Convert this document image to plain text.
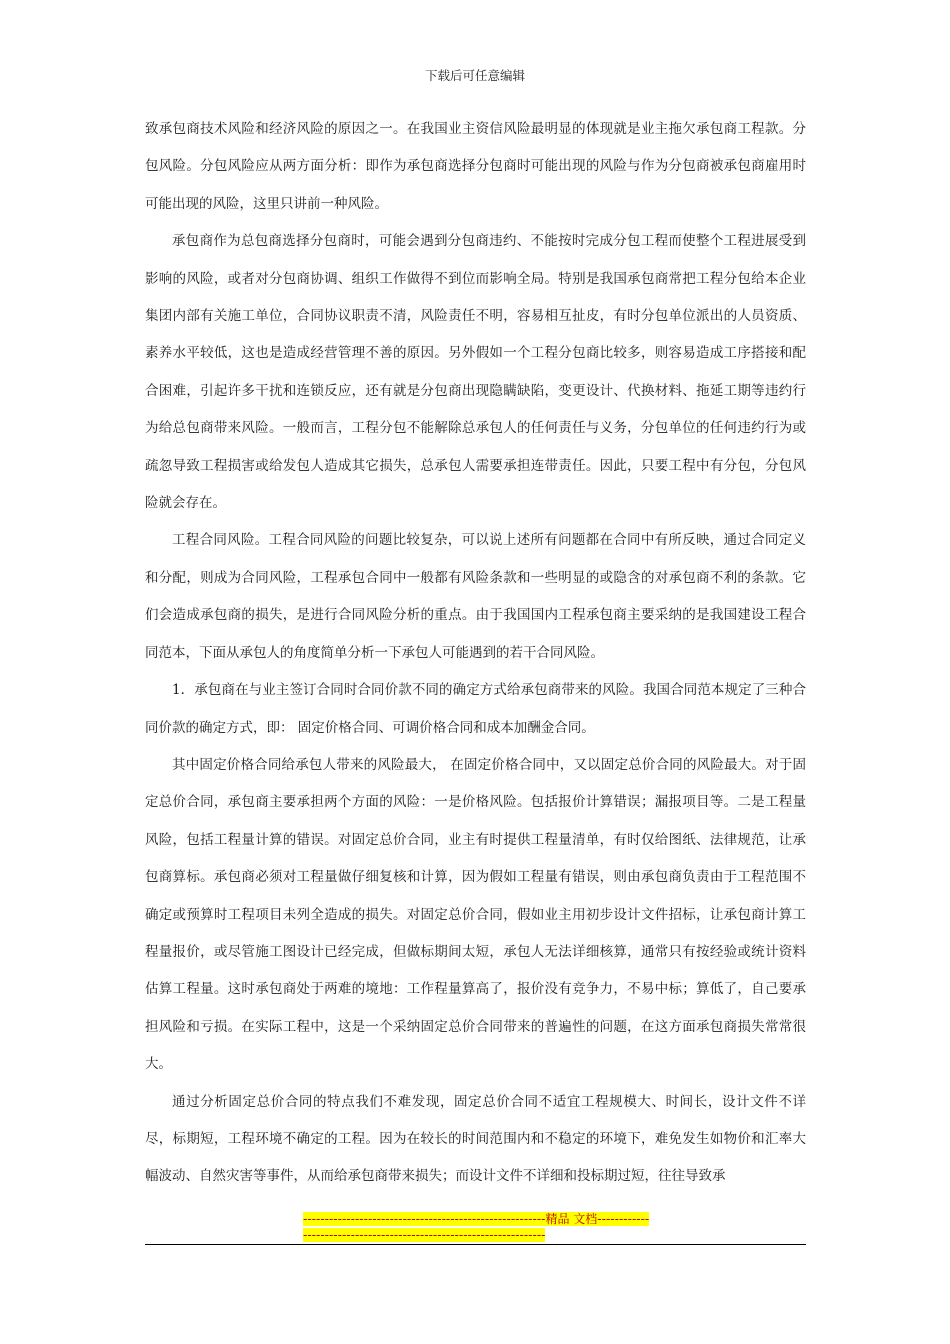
下载后可任意编辑

致承包商技术风险和经济风险的原因之一。在我国业主资信风险最明显的体现就是业主拖欠承包商工程款。分包风险。分包风险应从两方面分析：即作为承包商选择分包商时可能出现的风险与作为分包商被承包商雇用时可能出现的风险，这里只讲前一种风险。

承包商作为总包商选择分包商时，可能会遇到分包商违约、不能按时完成分包工程而使整个工程进展受到影响的风险，或者对分包商协调、组织工作做得不到位而影响全局。特别是我国承包商常把工程分包给本企业集团内部有关施工单位，合同协议职责不清，风险责任不明，容易相互扯皮，有时分包单位派出的人员资质、素养水平较低，这也是造成经营管理不善的原因。另外假如一个工程分包商比较多，则容易造成工序搭接和配合困难，引起许多干扰和连锁反应，还有就是分包商出现隐瞒缺陷，变更设计、代换材料、拖延工期等违约行为给总包商带来风险。一般而言，工程分包不能解除总承包人的任何责任与义务，分包单位的任何违约行为或疏忽导致工程损害或给发包人造成其它损失，总承包人需要承担连带责任。因此，只要工程中有分包，分包风险就会存在。

工程合同风险。工程合同风险的问题比较复杂，可以说上述所有问题都在合同中有所反映，通过合同定义和分配，则成为合同风险，工程承包合同中一般都有风险条款和一些明显的或隐含的对承包商不利的条款。它们会造成承包商的损失，是进行合同风险分析的重点。由于我国国内工程承包商主要采纳的是我国建设工程合同范本，下面从承包人的角度简单分析一下承包人可能遇到的若干合同风险。

1．承包商在与业主签订合同时合同价款不同的确定方式给承包商带来的风险。我国合同范本规定了三种合同价款的确定方式，即： 固定价格合同、可调价格合同和成本加酬金合同。

其中固定价格合同给承包人带来的风险最大， 在固定价格合同中，又以固定总价合同的风险最大。对于固定总价合同，承包商主要承担两个方面的风险：一是价格风险。包括报价计算错误；漏报项目等。二是工程量风险，包括工程量计算的错误。对固定总价合同，业主有时提供工程量清单，有时仅给图纸、法律规范，让承包商算标。承包商必须对工程量做仔细复核和计算，因为假如工程量有错误，则由承包商负责由于工程范围不确定或预算时工程项目未列全造成的损失。对固定总价合同，假如业主用初步设计文件招标，让承包商计算工程量报价，或尽管施工图设计已经完成，但做标期间太短，承包人无法详细核算，通常只有按经验或统计资料估算工程量。这时承包商处于两难的境地：工作程量算高了，报价没有竞争力，不易中标；算低了，自己要承担风险和亏损。在实际工程中，这是一个采纳固定总价合同带来的普遍性的问题，在这方面承包商损失常常很大。

通过分析固定总价合同的特点我们不难发现，固定总价合同不适宜工程规模大、时间长，设计文件不详尽，标期短，工程环境不确定的工程。因为在较长的时间范围内和不稳定的环境下，难免发生如物价和汇率大幅波动、自然灾害等事件，从而给承包商带来损失；而设计文件不详细和投标期过短，往往导致承

--------------------------------------------------------精品 文档--------------------------------------------------------------------
